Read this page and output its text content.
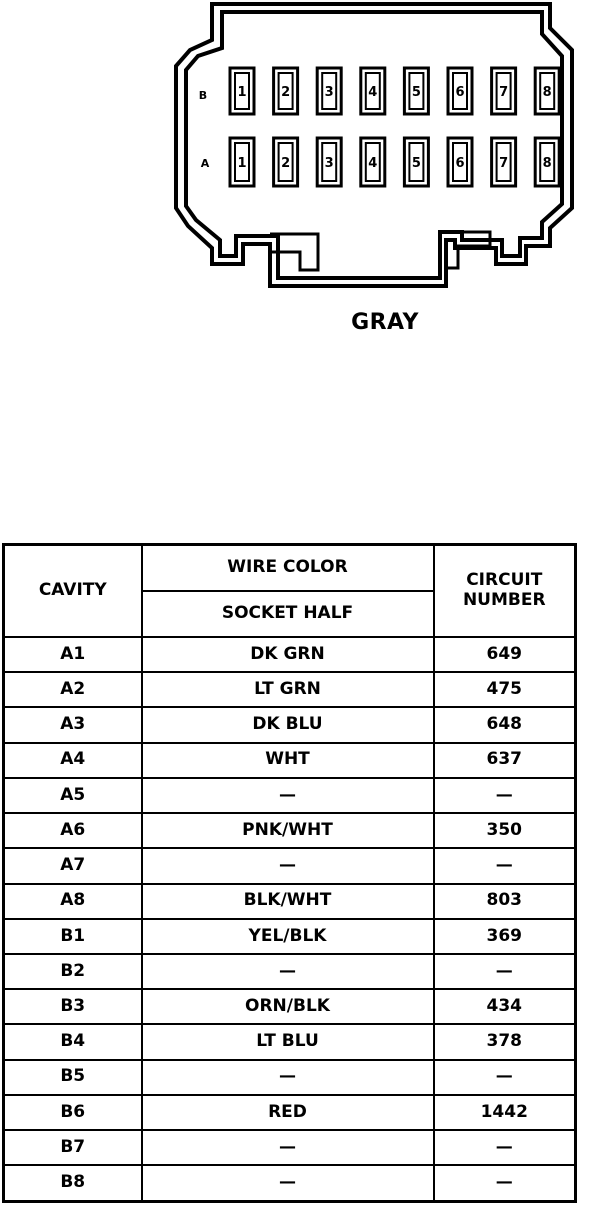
B
A
1	2	3	4	5	6	7	8
1	2	3	4	5	6	7	8
GRAY
CAVITY	WIRE COLOR	CIRCUIT
NUMBER
	SOCKET HALF	
A1	DK GRN	649
A2	LT GRN	475
A3	DK BLU	648
A4	WHT	637
A5	—	—
A6	PNK/WHT	350
A7	—	—
A8	BLK/WHT	803
B1	YEL/BLK	369
B2	—	—
B3	ORN/BLK	434
B4	LT BLU	378
B5	—	—
B6	RED	1442
B7	—	—
B8	—	—
